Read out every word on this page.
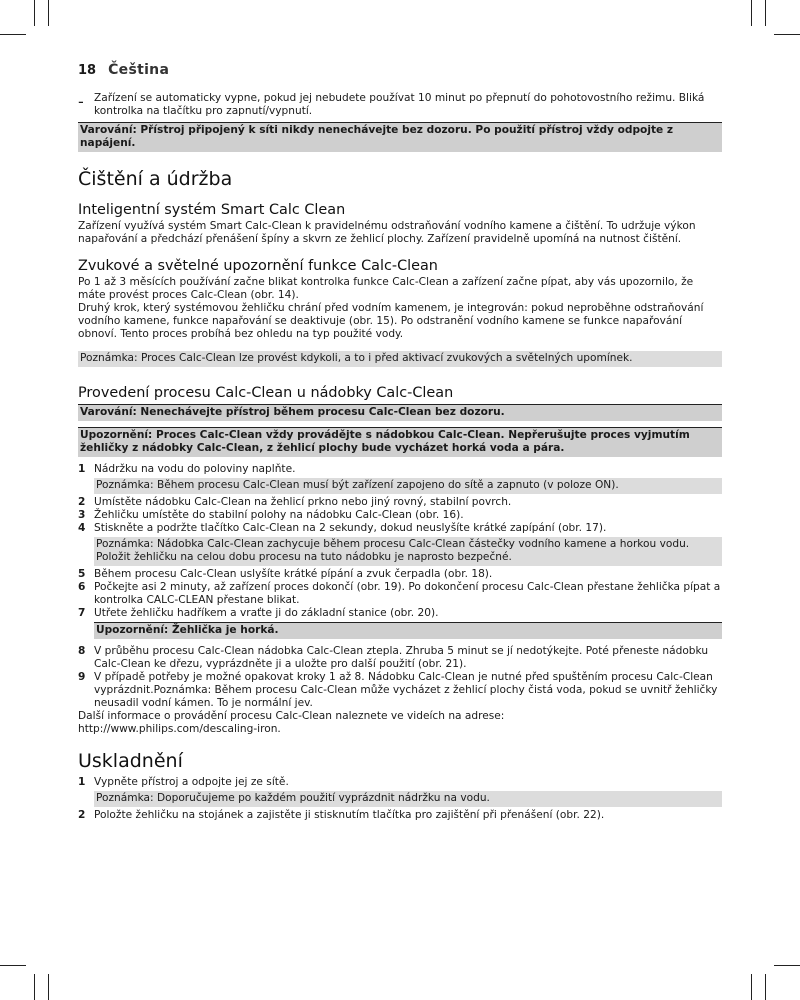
18 Čeština
- Zařízení se automaticky vypne, pokud jej nebudete používat 10 minut po přepnutí do pohotovostního režimu. Bliká kontrolka na tlačítku pro zapnutí/vypnutí.

Varování: Přístroj připojený k síti nikdy nenechávejte bez dozoru. Po použití přístroj vždy odpojte z napájení.
Čištění a údržba
Inteligentní systém Smart Calc Clean

Zařízení využívá systém Smart Calc-Clean k pravidelnému odstraňování vodního kamene a čištění. To udržuje výkon napařování a předchází přenášení špíny a skvrn ze žehlicí plochy. Zařízení pravidelně upomíná na nutnost čištění.

Zvukové a světelné upozornění funkce Calc-Clean

Po 1 až 3 měsících používání začne blikat kontrolka funkce Calc-Clean a zařízení začne pípat, aby vás upozornilo, že máte provést proces Calc-Clean (obr. 14).

Druhý krok, který systémovou žehličku chrání před vodním kamenem, je integrován: pokud neproběhne odstraňování vodního kamene, funkce napařování se deaktivuje (obr. 15). Po odstranění vodního kamene se funkce napařování obnoví. Tento proces probíhá bez ohledu na typ použité vody.

Poznámka: Proces Calc-Clean lze provést kdykoli, a to i před aktivací zvukových a světelných upomínek.
Provedení procesu Calc-Clean u nádobky Calc-Clean
Varování: Nenechávejte přístroj během procesu Calc-Clean bez dozoru.
Upozornění: Proces Calc-Clean vždy provádějte s nádobkou Calc-Clean. Nepřerušujte proces vyjmutím žehličky z nádobky Calc-Clean, z žehlicí plochy bude vycházet horká voda a pára.
1 Nádržku na vodu do poloviny naplňte.
Poznámka: Během procesu Calc-Clean musí být zařízení zapojeno do sítě a zapnuto (v poloze ON).
2 Umístěte nádobku Calc-Clean na žehlicí prkno nebo jiný rovný, stabilní povrch.
3 Žehličku umístěte do stabilní polohy na nádobku Calc-Clean (obr. 16).
4 Stiskněte a podržte tlačítko Calc-Clean na 2 sekundy, dokud neuslyšíte krátké zapípání (obr. 17).
Poznámka: Nádobka Calc-Clean zachycuje během procesu Calc-Clean částečky vodního kamene a horkou vodu. Položit žehličku na celou dobu procesu na tuto nádobku je naprosto bezpečné.
5 Během procesu Calc-Clean uslyšíte krátké pípání a zvuk čerpadla (obr. 18).
6 Počkejte asi 2 minuty, až zařízení proces dokončí (obr. 19). Po dokončení procesu Calc-Clean přestane žehlička pípat a kontrolka CALC-CLEAN přestane blikat.
7 Utřete žehličku hadříkem a vraťte ji do základní stanice (obr. 20).
Upozornění: Žehlička je horká.
8 V průběhu procesu Calc-Clean nádobka Calc-Clean ztepla. Zhruba 5 minut se jí nedotýkejte. Poté přeneste nádobku Calc-Clean ke dřezu, vyprázdněte ji a uložte pro další použití (obr. 21).
9 V případě potřeby je možné opakovat kroky 1 až 8. Nádobku Calc-Clean je nutné před spuštěním procesu Calc-Clean vyprázdnit.Poznámka: Během procesu Calc-Clean může vycházet z žehlicí plochy čistá voda, pokud se uvnitř žehličky neusadil vodní kámen. To je normální jev.

Další informace o provádění procesu Calc-Clean naleznete ve videích na adrese:

http://www.philips.com/descaling-iron.

Uskladnění
1 Vypněte přístroj a odpojte jej ze sítě.
Poznámka: Doporučujeme po každém použití vyprázdnit nádržku na vodu.
2 Položte žehličku na stojánek a zajistěte ji stisknutím tlačítka pro zajištění při přenášení (obr. 22).
